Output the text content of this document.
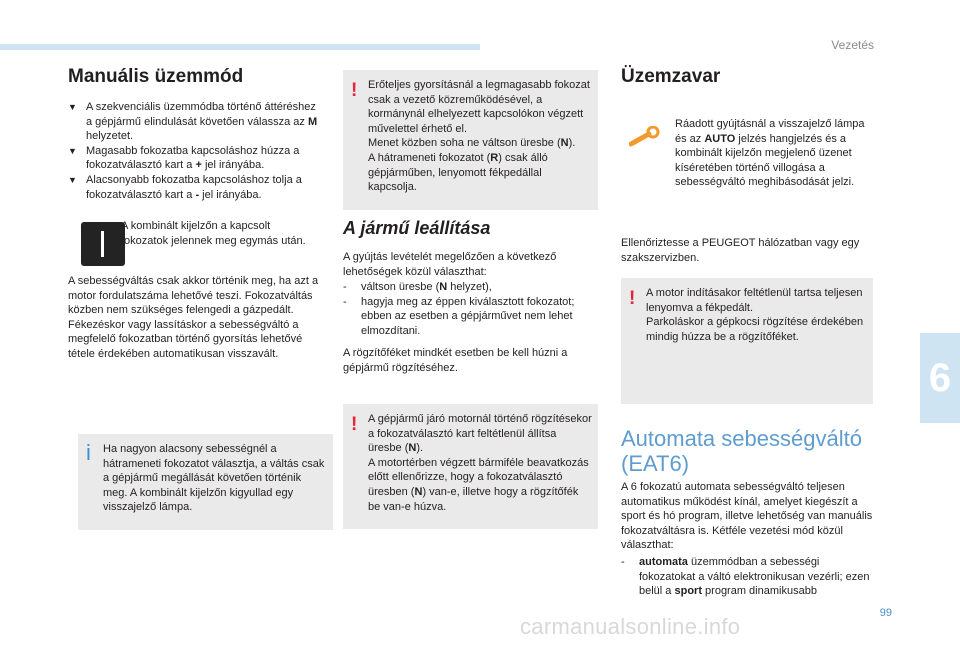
Vezetés
6
99
carmanualsonline.info
Manuális üzemmód
▼ A szekvenciális üzemmódba történő áttéréshez a gépjármű elindulását követően válassza az M helyzetet.
▼ Magasabb fokozatba kapcsoláshoz húzza a fokozatválasztó kart a + jel irányába.
▼ Alacsonyabb fokozatba kapcsoláshoz tolja a fokozatválasztó kart a - jel irányába.
A kombinált kijelzőn a kapcsolt fokozatok jelennek meg egymás után.
A sebességváltás csak akkor történik meg, ha azt a motor fordulatszáma lehetővé teszi. Fokozatváltás közben nem szükséges felengedi a gázpedált. Fékezéskor vagy lassításkor a sebességváltó a megfelelő fokozatban történő gyorsítás lehetővé tétele érdekében automatikusan visszavált.
i Ha nagyon alacsony sebességnél a hátrameneti fokozatot választja, a váltás csak a gépjármű megállását követően történik meg. A kombinált kijelzőn kigyullad egy visszajelző lámpa.
! Erőteljes gyorsításnál a legmagasabb fokozat csak a vezető közreműködésével, a kormánynál elhelyezett kapcsolókon végzett művelettel érhető el.
Menet közben soha ne váltson üresbe (N).
A hátrameneti fokozatot (R) csak álló gépjárműben, lenyomott fékpedállal kapcsolja.
A jármű leállítása
A gyújtás levételét megelőzően a következő lehetőségek közül választhat:
- váltson üresbe (N helyzet),
- hagyja meg az éppen kiválasztott fokozatot; ebben az esetben a gépjárművet nem lehet elmozdítani.
A rögzítőféket mindkét esetben be kell húzni a gépjármű rögzítéséhez.
! A gépjármű járó motornál történő rögzítésekor a fokozatválasztó kart feltétlenül állítsa üresbe (N).
A motortérben végzett bármiféle beavatkozás előtt ellenőrizze, hogy a fokozatválasztó üresben (N) van-e, illetve hogy a rögzítőfék be van-e húzva.
Üzemzavar
Ráadott gyújtásnál a visszajelző lámpa és az AUTO jelzés hangjelzés és a kombinált kijelzőn megjelenő üzenet kíséretében történő villogása a sebességváltó meghibásodását jelzi.
Ellenőriztesse a PEUGEOT hálózatban vagy egy szakszervizben.
! A motor indításakor feltétlenül tartsa teljesen lenyomva a fékpedált.
Parkoláskor a gépkocsi rögzítése érdekében mindig húzza be a rögzítőféket.
Automata sebességváltó
(EAT6)
A 6 fokozatú automata sebességváltó teljesen automatikus működést kínál, amelyet kiegészít a sport és hó program, illetve lehetőség van manuális fokozatváltásra is. Kétféle vezetési mód közül választhat:
- automata üzemmódban a sebességi fokozatokat a váltó elektronikusan vezérli; ezen belül a sport program dinamikusabb
